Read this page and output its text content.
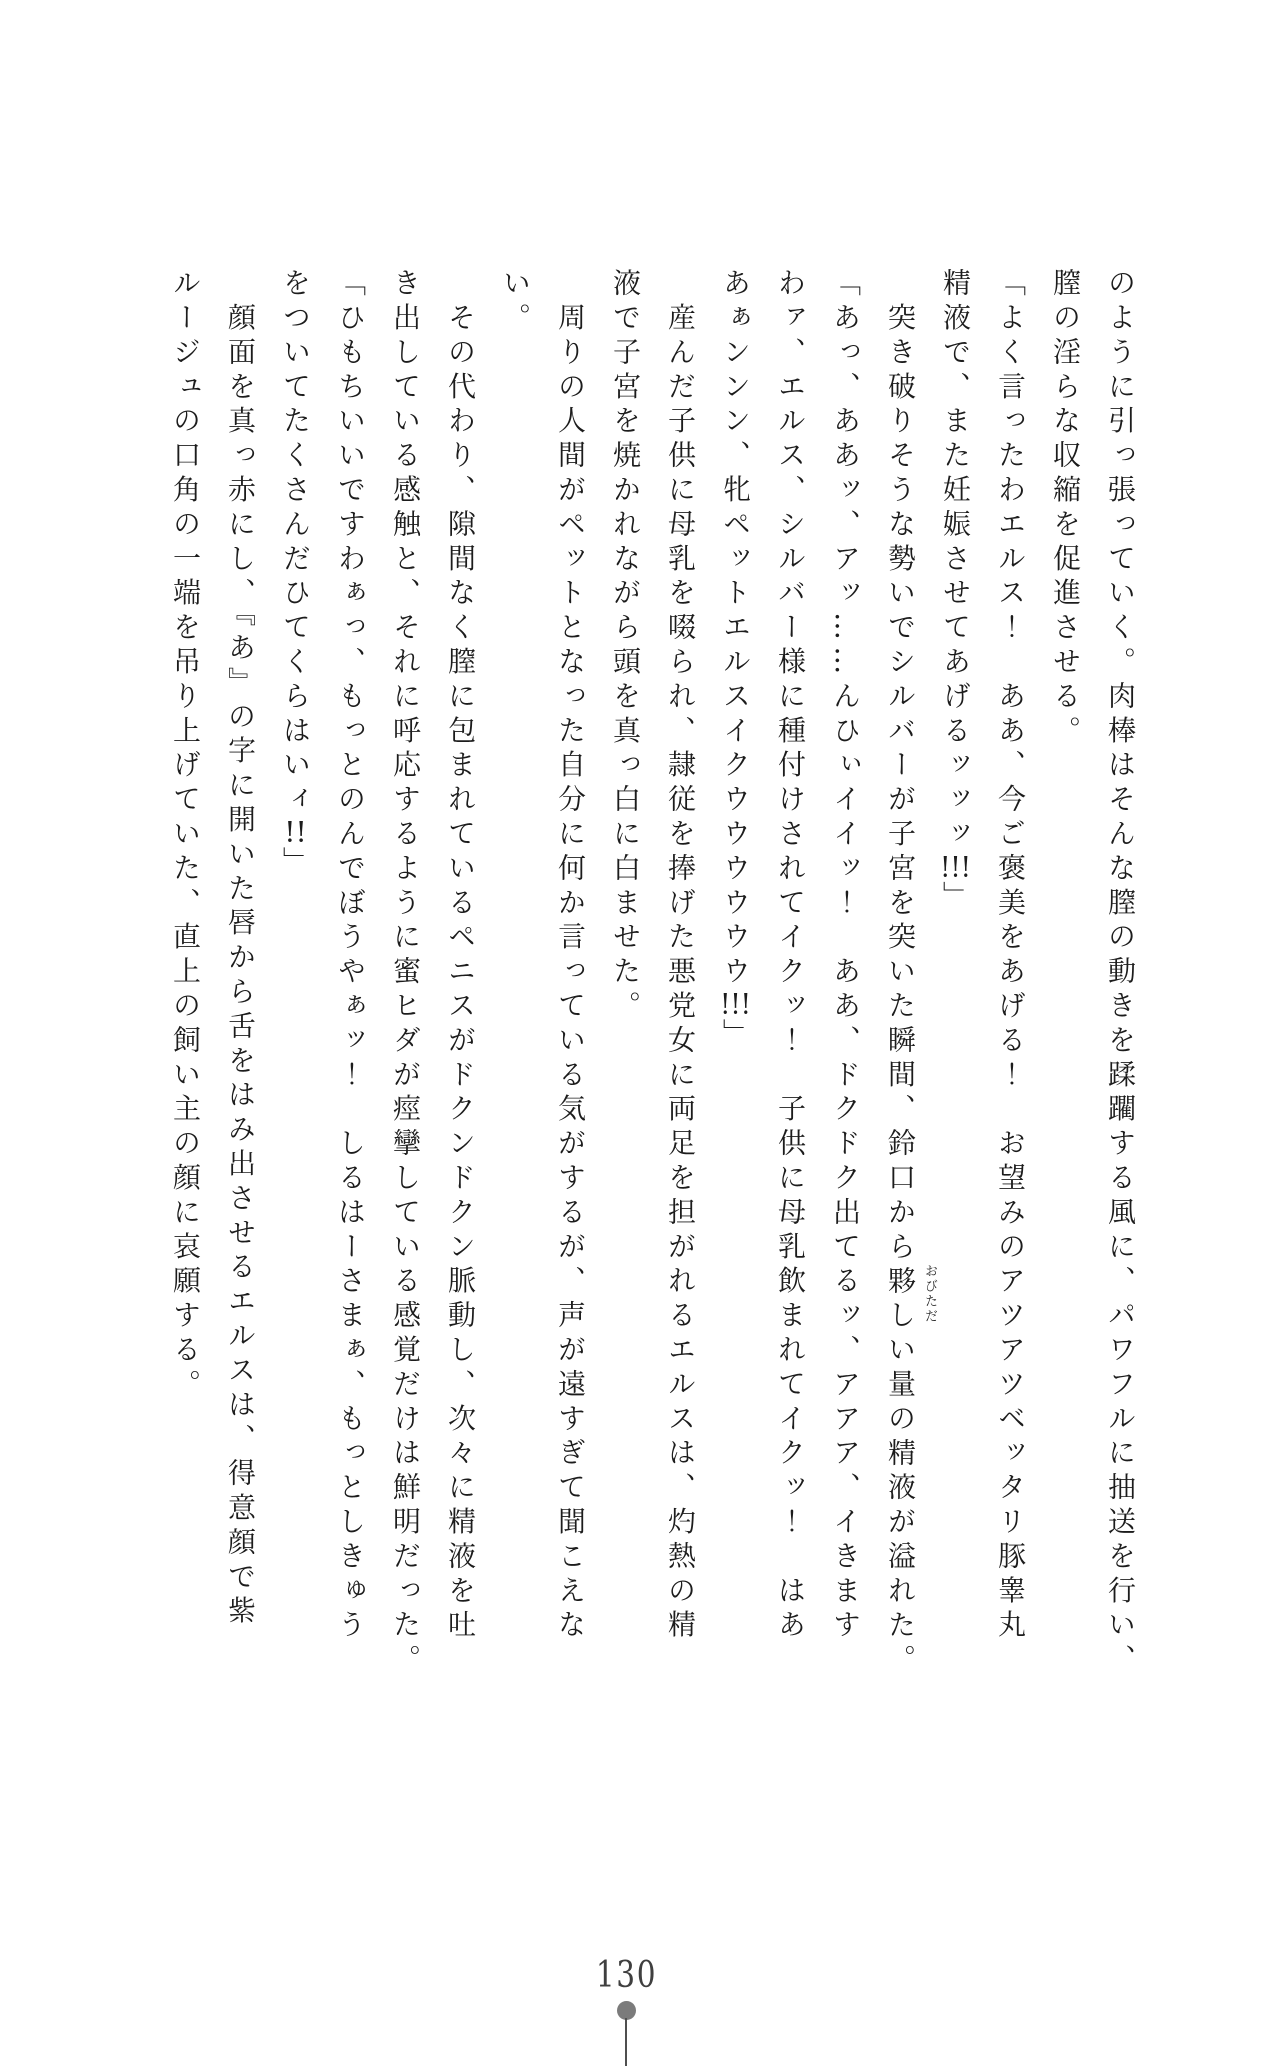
のように引っ張っていく。肉棒はそんな膣の動きを蹂躙する風に、パワフルに抽送を行い、
膣の淫らな収縮を促進させる。
「よく言ったわエルス！　ああ、今ご褒美をあげる！　お望みのアツアツベッタリ豚睾丸
精液で、また妊娠させてあげるッッッ!!!」
　突き破りそうな勢いでシルバーが子宮を突いた瞬間、鈴口から夥 おびただ
しい量の精液が溢れた。
「あっ、ああッ、アッ……んひぃイイッ！　ああ、ドクドク出てるッ、アアア、イきます
わァ、エルス、シルバー様に種付けされてイクッ！　子供に母乳飲まれてイクッ！　はあ
あぁンンン、牝ペットエルスイクウウウウウウ!!!」
　産んだ子供に母乳を啜られ、隷従を捧げた悪党女に両足を担がれるエルスは、灼熱の精
液で子宮を焼かれながら頭を真っ白に白ませた。
　周りの人間がペットとなった自分に何か言っている気がするが、声が遠すぎて聞こえな
い。
　その代わり、隙間なく膣に包まれているペニスがドクンドクン脈動し、次々に精液を吐
き出している感触と、それに呼応するように蜜ヒダが痙攣している感覚だけは鮮明だった。
「ひもちいいですわぁっ、もっとのんでぼうやぁッ！　しるはーさまぁ、もっとしきゅう
をついてたくさんだひてくらはいィ!!」
　顔面を真っ赤にし、『あ』の字に開いた唇から舌をはみ出させるエルスは、得意顔で紫
ルージュの口角の一端を吊り上げていた、直上の飼い主の顔に哀願する。
130
